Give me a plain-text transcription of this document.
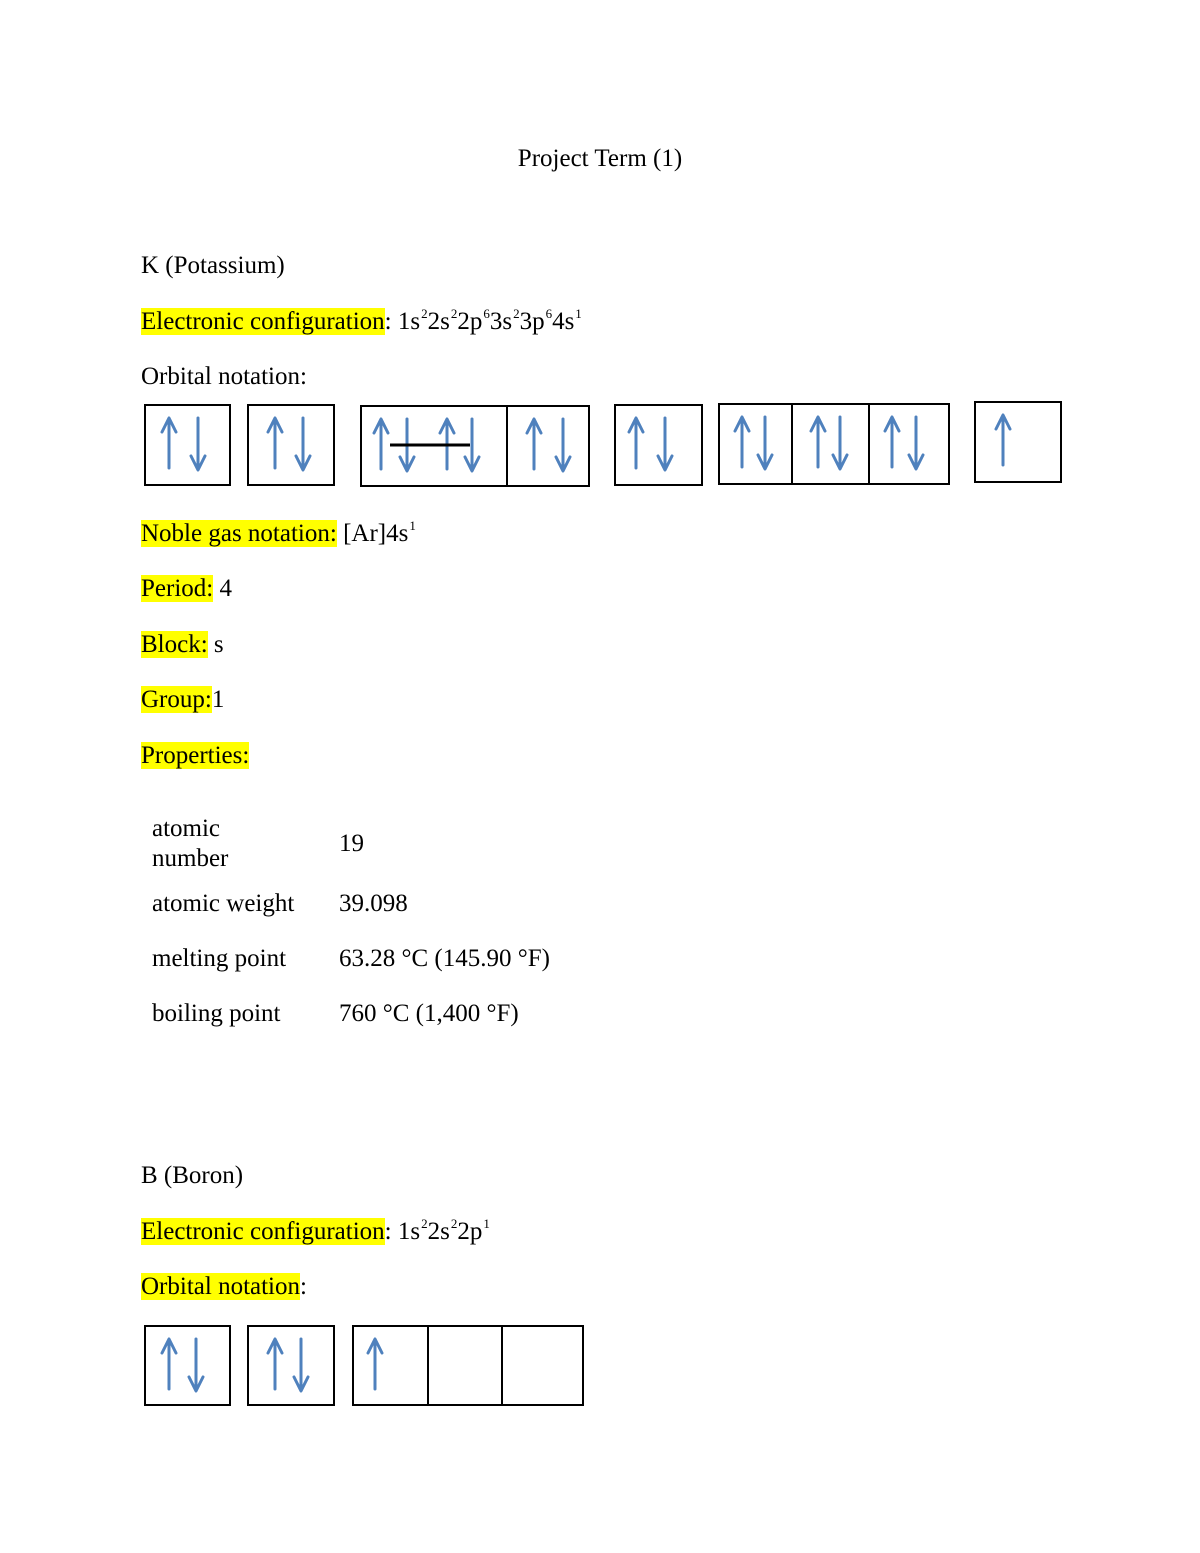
Project Term (1)
K (Potassium)
Electronic configuration: $1s^22s^22p^63s^23p^64s^1$
Orbital notation:
Noble gas notation: $[Ar]4s^1$
Period: 4
Block: s
Group:1
Properties:
atomic
number	19
atomic weight	39.098
melting point	63.28 °C (145.90 °F)
boiling point	760 °C (1,400 °F)
B (Boron)
Electronic configuration: $1s^22s^22p^1$
Orbital notation:
